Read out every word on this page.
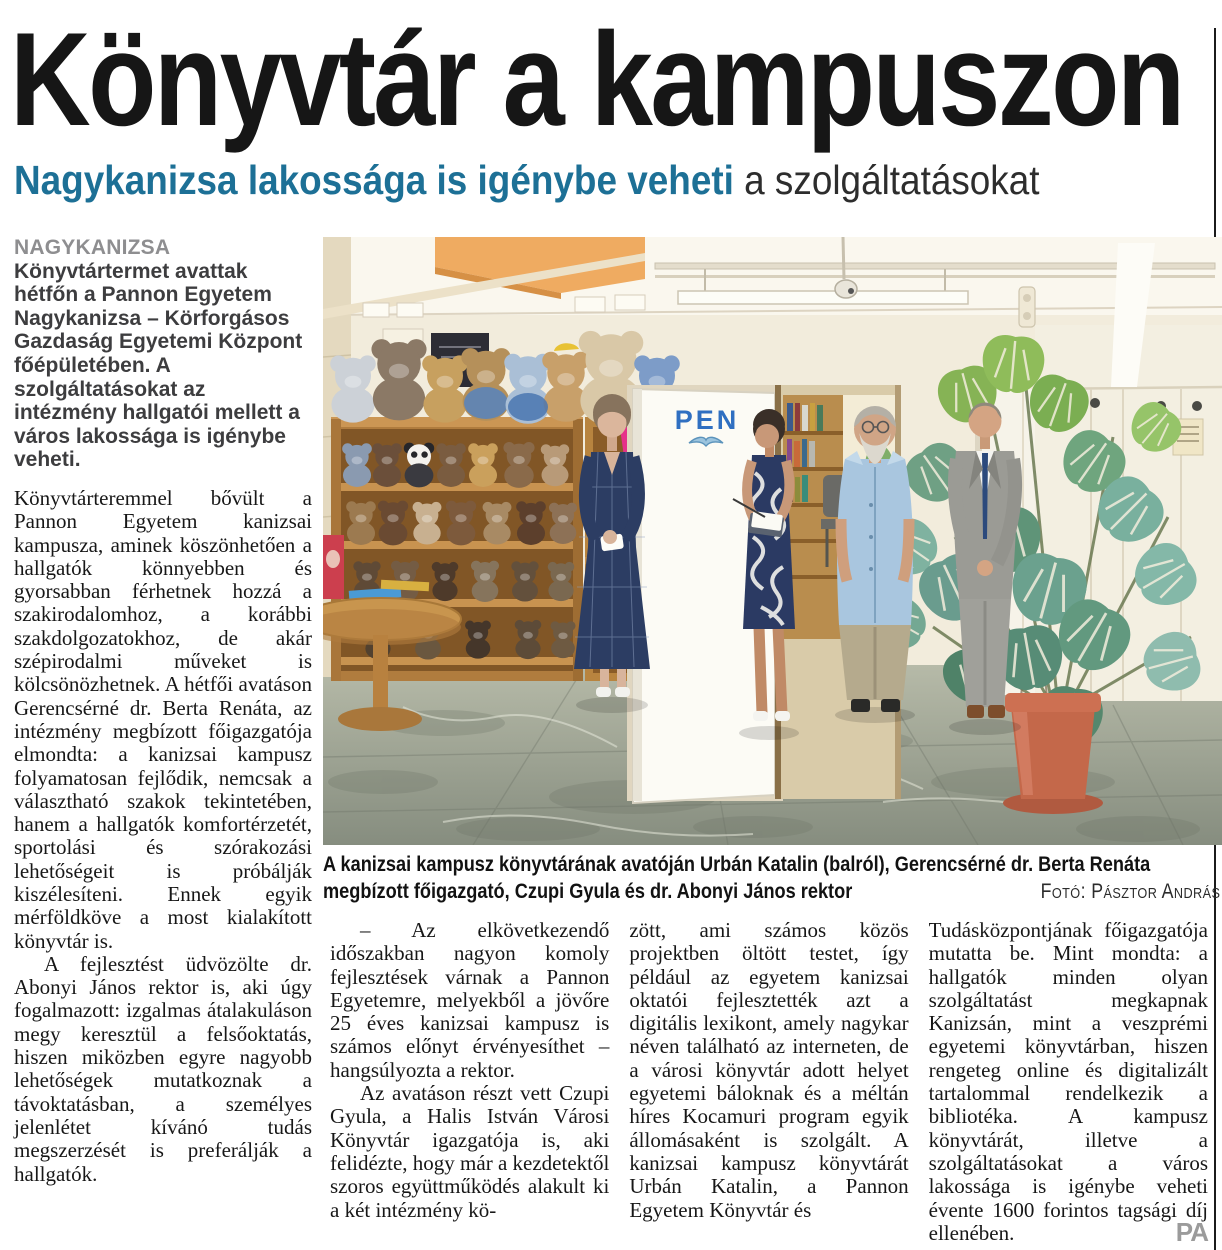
Könyvtár a kampuszon
Nagykanizsa lakossága is igénybe veheti a szolgáltatásokat

NAGYKANIZSA Könyvtártermet avattak hétfőn a Pannon Egyetem Nagykanizsa – Körforgásos Gazdaság Egyetemi Központ főépületében. A szolgáltatásokat az intézmény hallgatói mellett a város lakossága is igénybe veheti.

Könyvtárteremmel bővült a Pannon Egyetem kanizsai kampusza, aminek köszönhetően a hallgatók könnyebben és gyorsabban férhetnek hozzá a szakirodalomhoz, a korábbi szakdolgozatokhoz, de akár szépirodalmi műveket is kölcsönözhetnek. A hétfői avatáson Gerencsérné dr. Berta Renáta, az intézmény megbízott főigazgatója elmondta: a kanizsai kampusz folyamatosan fejlődik, nemcsak a választható szakok tekintetében, hanem a hallgatók komfortérzetét, sportolási és szórakozási lehetőségeit is próbálják kiszélesíteni. Ennek egyik mérföldköve a most kialakított könyvtár is.

A fejlesztést üdvözölte dr. Abonyi János rektor is, aki úgy fogalmazott: izgalmas átalakuláson megy keresztül a felsőoktatás, hiszen miközben egyre nagyobb lehetőségek mutatkoznak a távoktatásban, a személyes jelenlétet kívánó tudás megszerzését is preferálják a hallgatók.

PEN
Fotó: Pásztor András
A kanizsai kampusz könyvtárának avatóján Urbán Katalin (balról), Gerencsérné dr. Berta Renáta megbízott főigazgató, Czupi Gyula és dr. Abonyi János rektor

– Az elkövetkezendő időszakban nagyon komoly fejlesztések várnak a Pannon Egyetemre, melyekből a jövőre 25 éves kanizsai kampusz is számos előnyt érvényesíthet – hangsúlyozta a rektor.

Az avatáson részt vett Czupi Gyula, a Halis István Városi Könyvtár igazgatója is, aki felidézte, hogy már a kezdetektől szoros együttműködés alakult ki a két intézmény kö-

zött, ami számos közös projektben öltött testet, így például az egyetem kanizsai oktatói fejlesztették azt a digitális lexikont, amely nagykar néven található az interneten, de a városi könyvtár adott helyet egyetemi báloknak és a méltán híres Kocamuri program egyik állomásaként is szolgált. A kanizsai kampusz könyvtárát Urbán Katalin, a Pannon Egyetem Könyvtár és

Tudásközpontjának főigazgatója mutatta be. Mint mondta: a hallgatók minden olyan szolgáltatást megkapnak Kanizsán, mint a veszprémi egyetemi könyvtárban, hiszen rengeteg online és digitalizált tartalommal rendelkezik a bibliotéka. A kampusz könyvtárát, illetve a szolgáltatásokat a város lakossága is igénybe veheti évente 1600 forintos tagsági díj ellenében.	PA
